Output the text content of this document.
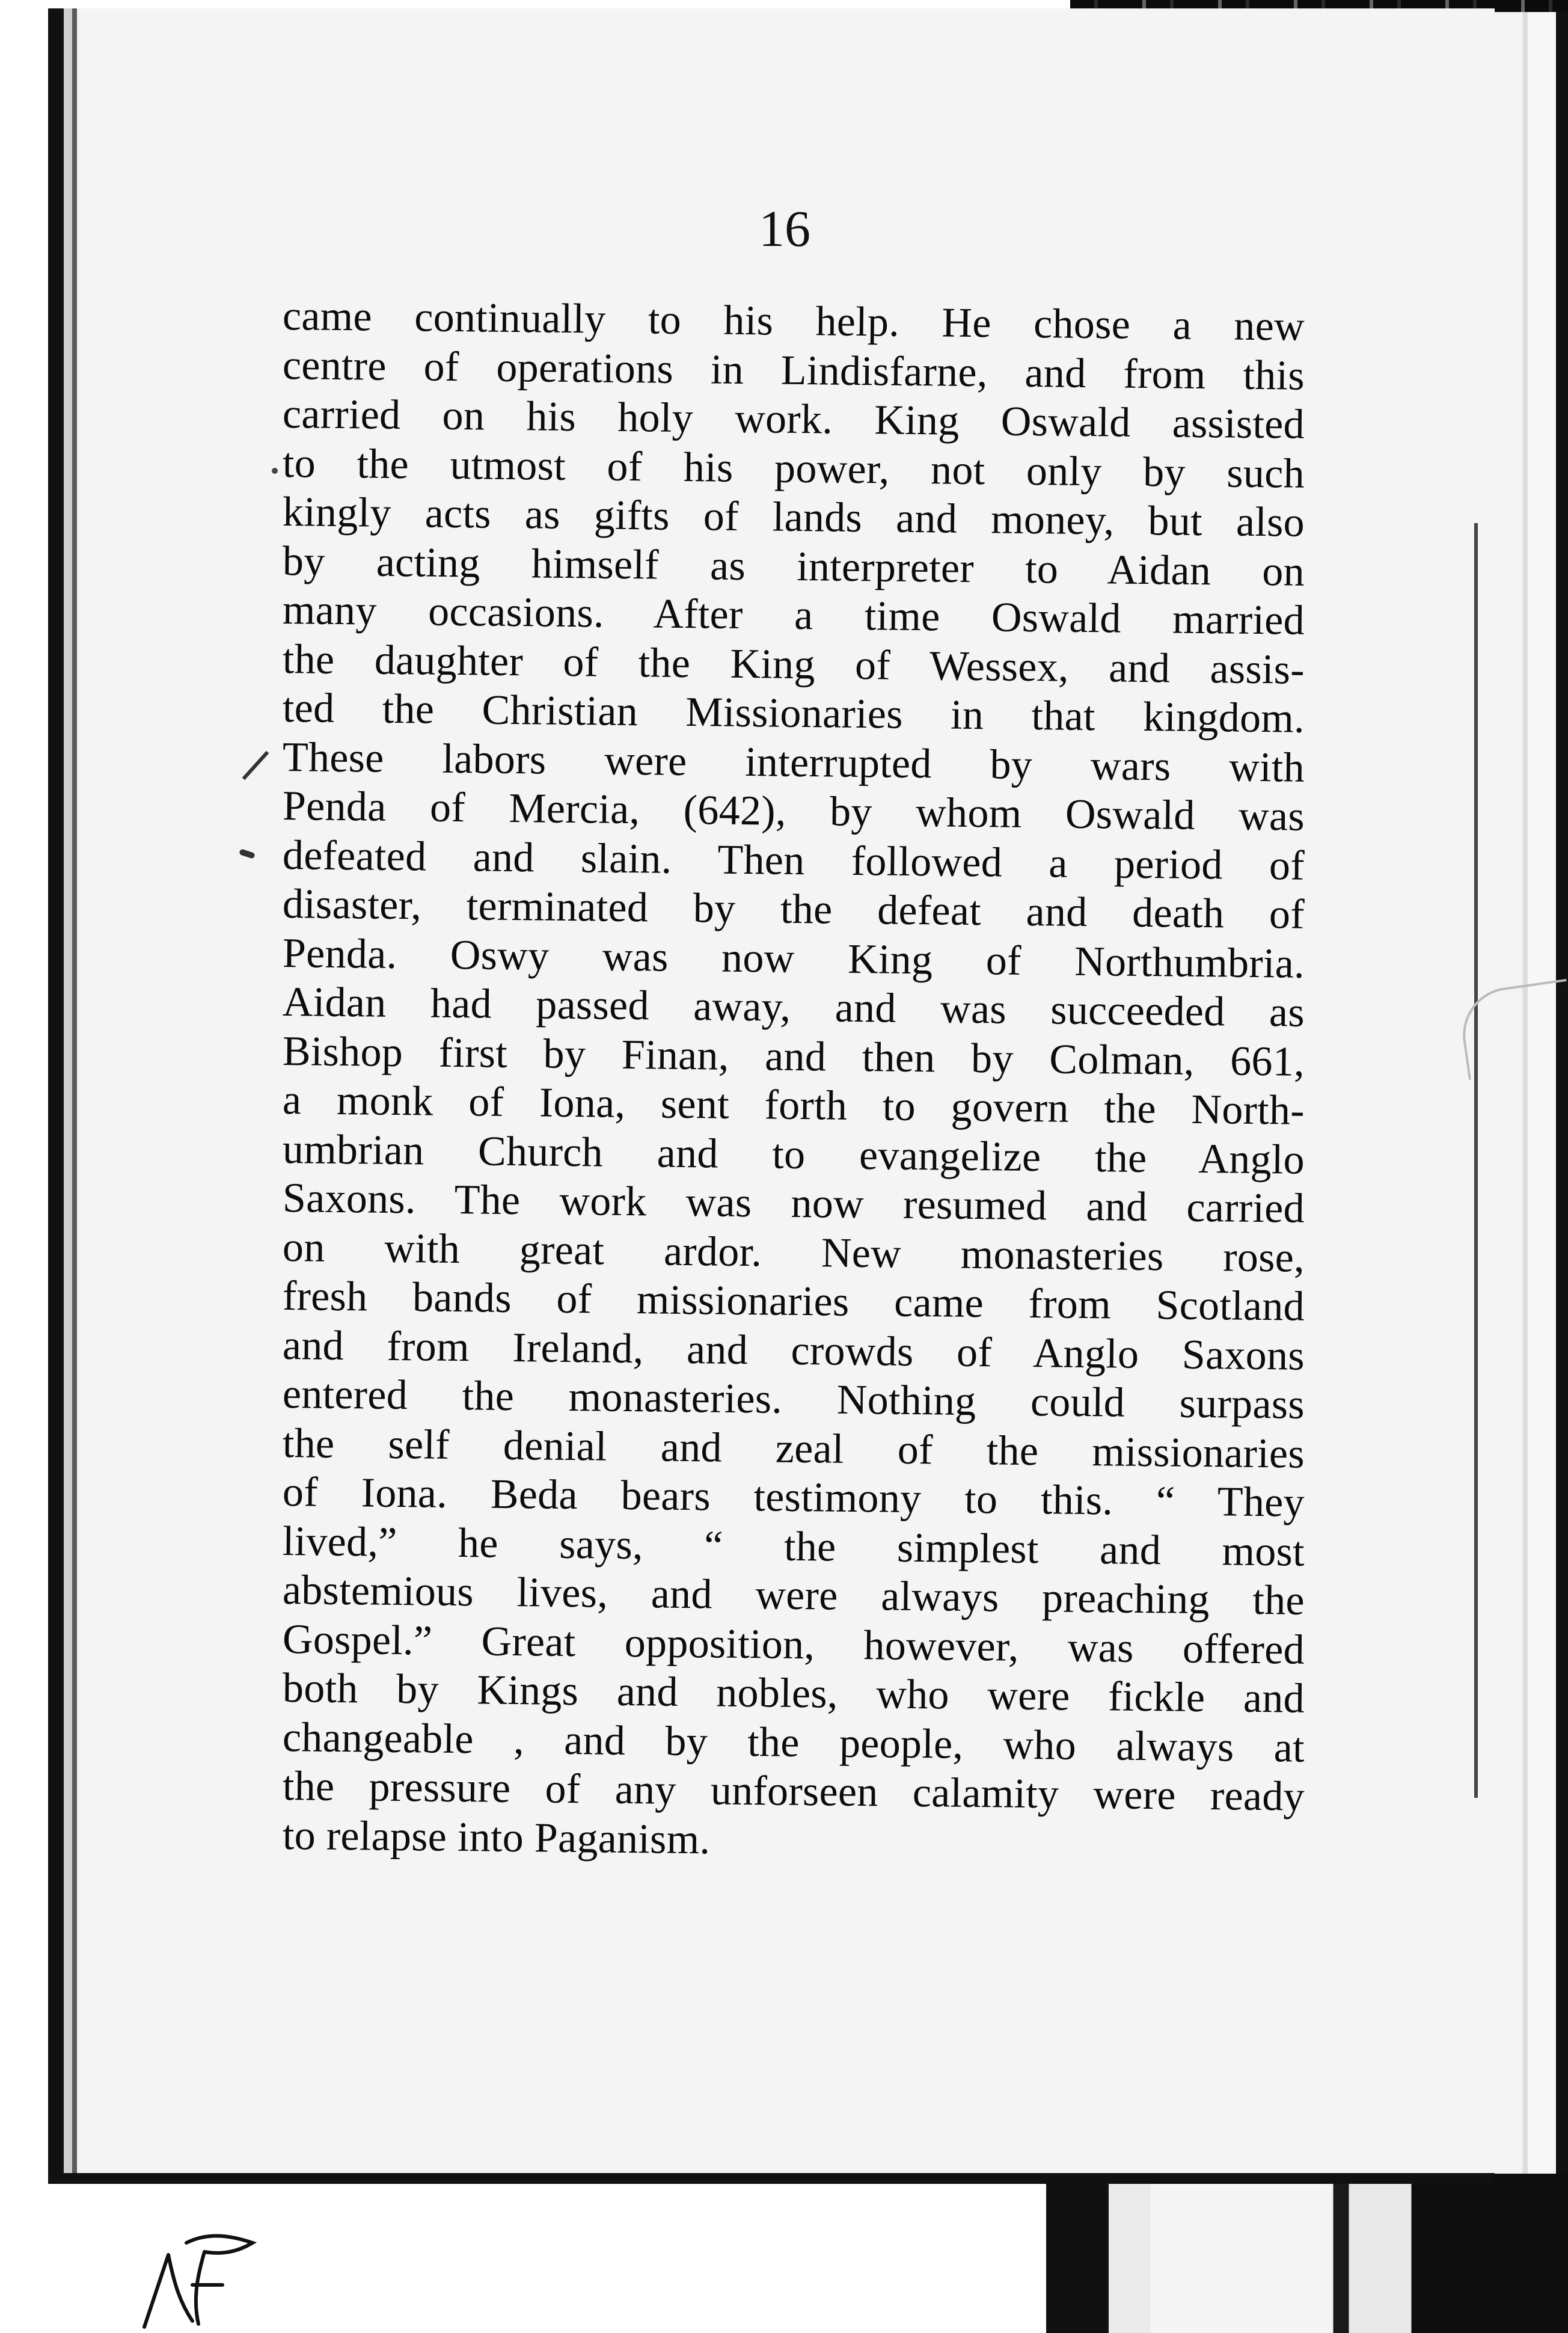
16

came continually to his help. He chose a new
centre of operations in Lindisfarne, and from this
carried on his holy work. King Oswald assisted
to the utmost of his power, not only by such
kingly acts as gifts of lands and money, but also
by acting himself as interpreter to Aidan on
many occasions. After a time Oswald married
the daughter of the King of Wessex, and assis-
ted the Christian Missionaries in that kingdom.
These labors were interrupted by wars with
Penda of Mercia, (642), by whom Oswald was
defeated and slain. Then followed a period of
disaster, terminated by the defeat and death of
Penda. Oswy was now King of Northumbria.
Aidan had passed away, and was succeeded as
Bishop first by Finan, and then by Colman, 661,
a monk of Iona, sent forth to govern the North-
umbrian Church and to evangelize the Anglo
Saxons. The work was now resumed and carried
on with great ardor. New monasteries rose,
fresh bands of missionaries came from Scotland
and from Ireland, and crowds of Anglo Saxons
entered the monasteries. Nothing could surpass
the self denial and zeal of the missionaries
of Iona. Beda bears testimony to this. “ They
lived,” he says, “ the simplest and most
abstemious lives, and were always preaching the
Gospel.” Great opposition, however, was offered
both by Kings and nobles, who were fickle and
changeable , and by the people, who always at
the pressure of any unforseen calamity were ready
to relapse into Paganism.
